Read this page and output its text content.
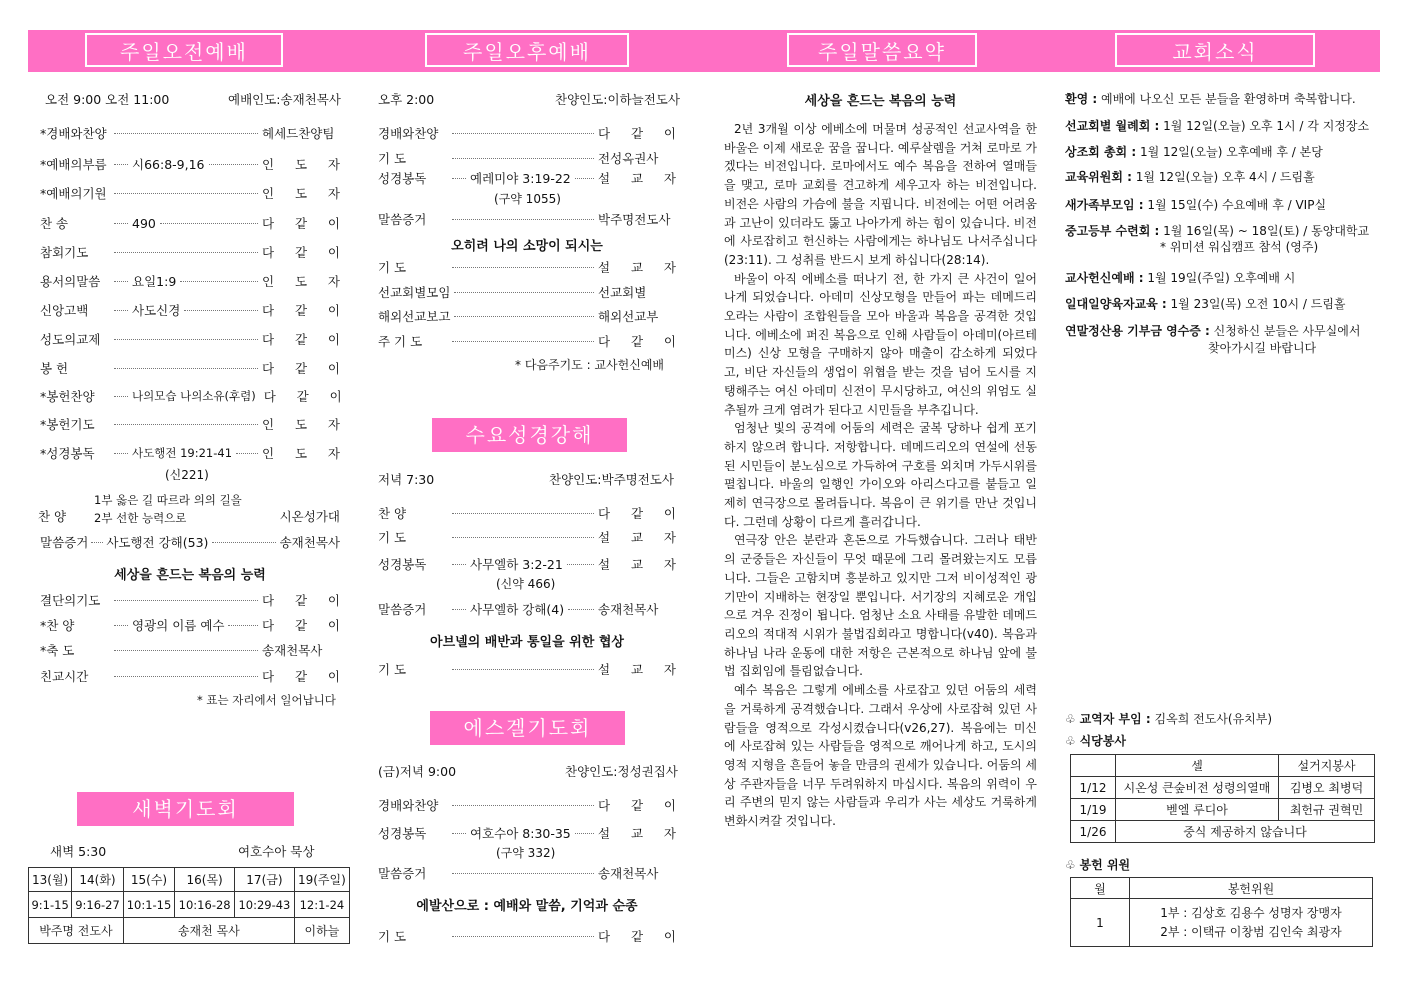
주일오전예배	주일오후예배	주일말씀요약	교회소식
오전 9:00 오전 11:00	예배인도:송재천목사
*경배와찬양	헤세드찬양팀
*예배의부름 시66:8-9,16	인 도 자
*예배의기원	인 도 자
찬 송	490	다 같 이
참회기도	다 같 이
용서의말씀	요일1:9	인 도 자
신앙고백	사도신경	다 같 이
성도의교제	다 같 이
봉 헌	다 같 이
*봉헌찬양	나의모습 나의소유(후렴) 다 같 이
*봉헌기도	인 도 자
*성경봉독	사도행전 19:21-41 인 도 자
(신221)
찬 양
1부 옳은 길 따르라 의의 길을
2부 선한 능력으로	시온성가대
말씀증거 사도행전 강해(53)	송재천목사
세상을 흔드는 복음의 능력
결단의기도	다 같 이
*찬 양	영광의 이름 예수	다 같 이
*축 도	송재천목사
친교시간	다 같 이
* 표는 자리에서 일어납니다
새벽기도회
새벽 5:30	여호수아 묵상
13(월)	14(화)	15(수)	16(목)	17(금)	19(주일)
9:1-15	9:16-27	10:1-15	10:16-28	10:29-43	12:1-24
박주명 전도사		송재천 목사			이하늘
오후 2:00	찬양인도:이하늘전도사
경배와찬양	다 같 이
기 도	전성옥권사
성경봉독	예레미야 3:19-22 설 교 자
(구약 1055)
말씀증거	박주명전도사
오히려 나의 소망이 되시는
기 도	설 교 자
선교회별모임	선교회별
해외선교보고	해외선교부
주 기 도	다 같 이
* 다음주기도 : 교사헌신예배
수요성경강해
저녁 7:30	찬양인도:박주명전도사
찬 양	다 같 이
기 도	설 교 자
성경봉독	사무엘하 3:2-21	설 교 자
(신약 466)
말씀증거	사무엘하 강해(4)	송재천목사
아브넬의 배반과 통일을 위한 협상
기 도	설 교 자
에스겔기도회
(금)저녁 9:00	찬양인도:정성권집사
경배와찬양	다 같 이
성경봉독	여호수아 8:30-35 설 교 자
(구약 332)
말씀증거	송재천목사
에발산으로 : 예배와 말씀, 기억과 순종
기 도	다 같 이
세상을 흔드는 복음의 능력

2년 3개월 이상 에베소에 머물며 성공적인 선교사역을 한 바울은 이제 새로운 꿈을 꿉니다. 예루살렘을 거쳐 로마로 가겠다는 비전입니다. 로마에서도 예수 복음을 전하여 열매들을 맺고, 로마 교회를 견고하게 세우고자 하는 비전입니다. 비전은 사람의 가슴에 불을 지핍니다. 비전에는 어떤 어려움과 고난이 있더라도 뚫고 나아가게 하는 힘이 있습니다. 비전에 사로잡히고 헌신하는 사람에게는 하나님도 나서주십니다(23:11). 그 성취를 반드시 보게 하십니다(28:14).

바울이 아직 에베소를 떠나기 전, 한 가지 큰 사건이 일어나게 되었습니다. 아데미 신상모형을 만들어 파는 데메드리오라는 사람이 조합원들을 모아 바울과 복음을 공격한 것입니다. 에베소에 퍼진 복음으로 인해 사람들이 아데미(아르테미스) 신상 모형을 구매하지 않아 매출이 감소하게 되었다고, 비단 자신들의 생업이 위협을 받는 것을 넘어 도시를 지탱해주는 여신 아데미 신전이 무시당하고, 여신의 위엄도 실추될까 크게 염려가 된다고 시민들을 부추깁니다.

엄청난 빛의 공격에 어둠의 세력은 굴복 당하나 쉽게 포기하지 않으려 합니다. 저항합니다. 데메드리오의 연설에 선동된 시민들이 분노심으로 가득하여 구호를 외치며 가두시위를 펼칩니다. 바울의 일행인 가이오와 아리스다고를 붙들고 일제히 연극장으로 몰려듭니다. 복음이 큰 위기를 만난 것입니다. 그런데 상황이 다르게 흘러갑니다.

연극장 안은 분란과 혼돈으로 가득했습니다. 그러나 태반의 군중들은 자신들이 무엇 때문에 그리 몰려왔는지도 모릅니다. 그들은 고함치며 흥분하고 있지만 그저 비이성적인 광기만이 지배하는 현장일 뿐입니다. 서기장의 지혜로운 개입으로 겨우 진정이 됩니다. 엄청난 소요 사태를 유발한 데메드리오의 적대적 시위가 불법집회라고 명합니다(v40). 복음과 하나님 나라 운동에 대한 저항은 근본적으로 하나님 앞에 불법 집회임에 틀림없습니다.

예수 복음은 그렇게 에베소를 사로잡고 있던 어둠의 세력을 거룩하게 공격했습니다. 그래서 우상에 사로잡혀 있던 사람들을 영적으로 각성시켰습니다(v26,27). 복음에는 미신에 사로잡혀 있는 사람들을 영적으로 깨어나게 하고, 도시의 영적 지형을 흔들어 놓을 만큼의 권세가 있습니다. 어둠의 세상 주관자들을 너무 두려워하지 마십시다. 복음의 위력이 우리 주변의 믿지 않는 사람들과 우리가 사는 세상도 거룩하게 변화시켜갈 것입니다.

환영 : 예배에 나오신 모든 분들을 환영하며 축복합니다.
선교회별 월례회 : 1월 12일(오늘) 오후 1시 / 각 지정장소
상조회 총회 : 1월 12일(오늘) 오후예배 후 / 본당
교육위원회 : 1월 12일(오늘) 오후 4시 / 드림홀
새가족부모임 : 1월 15일(수) 수요예배 후 / VIP실
중고등부 수련회 : 1월 16일(목) ~ 18일(토) / 동양대학교
교사헌신예배 : 1월 19일(주일) 오후예배 시
일대일양육자교육 : 1월 23일(목) 오전 10시 / 드림홀
연말정산용 기부금 영수증 : 신청하신 분들은 사무실에서
* 위미션 워십캠프 참석 (영주)
찾아가시길 바랍니다
♧ 교역자 부임 : 김옥희 전도사(유치부)
♧ 식당봉사
	셀	설거지봉사
1/12	시온성 큰숲비전 성령의열매	김병오 최병덕
1/19	벧엘 루디아	최헌규 권혁민
1/26	중식 제공하지 않습니다	
♧ 봉헌 위원
월	봉헌위원
1	1부 : 김상호 김용수 성명자 장맹자
2부 : 이택규 이창범 김인숙 최광자
